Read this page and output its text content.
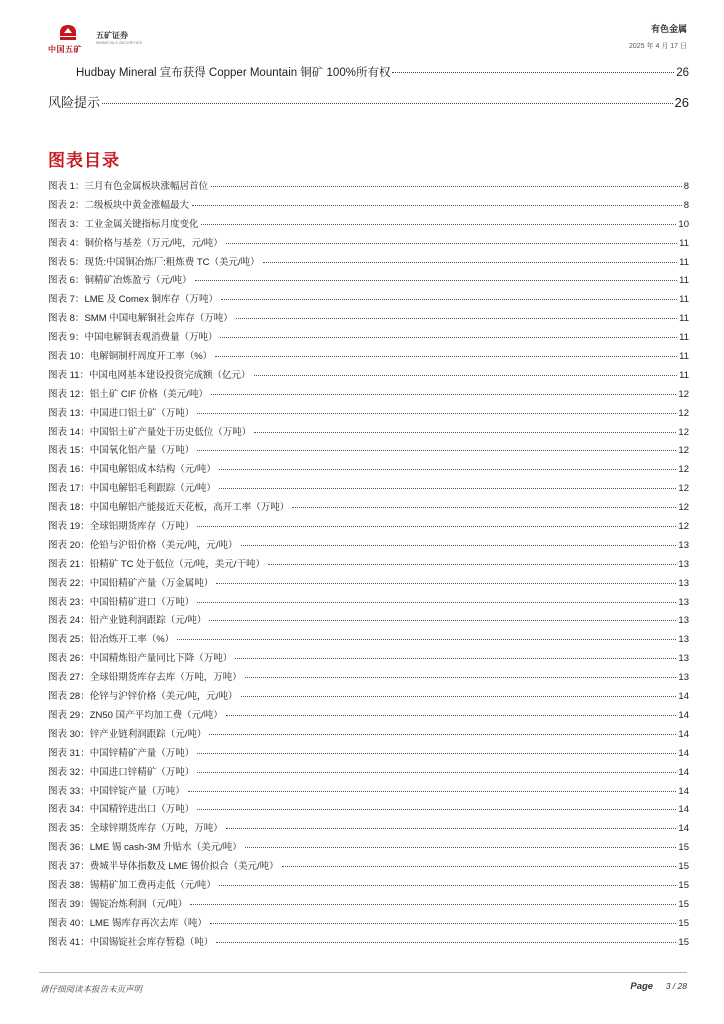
中国五矿
五矿证券
MINMETALS SECURITIES
有色金属
2025 年 4 月 17 日
Hudbay Mineral 宣布获得 Copper Mountain 铜矿 100%所有权	26
风险提示	26
图表目录
图表 1： 三月有色金属板块涨幅居首位	8
图表 2： 二级板块中黄金涨幅最大	8
图表 3： 工业金属关键指标月度变化	10
图表 4： 铜价格与基差（万元/吨，元/吨）	11
图表 5： 现货:中国铜冶炼厂:粗炼费 TC（美元/吨）	11
图表 6： 铜精矿冶炼盈亏（元/吨）	11
图表 7： LME 及 Comex 铜库存（万吨）	11
图表 8： SMM 中国电解铜社会库存（万吨）	11
图表 9： 中国电解铜表观消费量（万吨）	11
图表 10： 电解铜制杆周度开工率（%）	11
图表 11： 中国电网基本建设投资完成额（亿元）	11
图表 12： 铝土矿 CIF 价格（美元/吨）	12
图表 13： 中国进口铝土矿（万吨）	12
图表 14： 中国铝土矿产量处于历史低位（万吨）	12
图表 15： 中国氧化铝产量（万吨）	12
图表 16： 中国电解铝成本结构（元/吨）	12
图表 17： 中国电解铝毛利跟踪（元/吨）	12
图表 18： 中国电解铝产能接近天花板，高开工率（万吨）	12
图表 19： 全球铝期货库存（万吨）	12
图表 20： 伦铅与沪铅价格（美元/吨，元/吨）	13
图表 21： 铅精矿 TC 处于低位（元/吨，美元/干吨）	13
图表 22： 中国铅精矿产量（万金属吨）	13
图表 23： 中国铅精矿进口（万吨）	13
图表 24： 铅产业链利润跟踪（元/吨）	13
图表 25： 铅冶炼开工率（%）	13
图表 26： 中国精炼铅产量同比下降（万吨）	13
图表 27： 全球铅期货库存去库（万吨，万吨）	13
图表 28： 伦锌与沪锌价格（美元/吨，元/吨）	14
图表 29： ZN50 国产平均加工费（元/吨）	14
图表 30： 锌产业链利润跟踪（元/吨）	14
图表 31： 中国锌精矿产量（万吨）	14
图表 32： 中国进口锌精矿（万吨）	14
图表 33： 中国锌锭产量（万吨）	14
图表 34： 中国精锌进出口（万吨）	14
图表 35： 全球锌期货库存（万吨，万吨）	14
图表 36： LME 锡 cash-3M 升贴水（美元/吨）	15
图表 37： 费城半导体指数及 LME 锡价拟合（美元/吨）	15
图表 38： 锡精矿加工费再走低（元/吨）	15
图表 39： 锡锭冶炼利润（元/吨）	15
图表 40： LME 锡库存再次去库（吨）	15
图表 41： 中国锡锭社会库存暂稳（吨）	15
请仔细阅读本报告末页声明	Page 3 / 28
